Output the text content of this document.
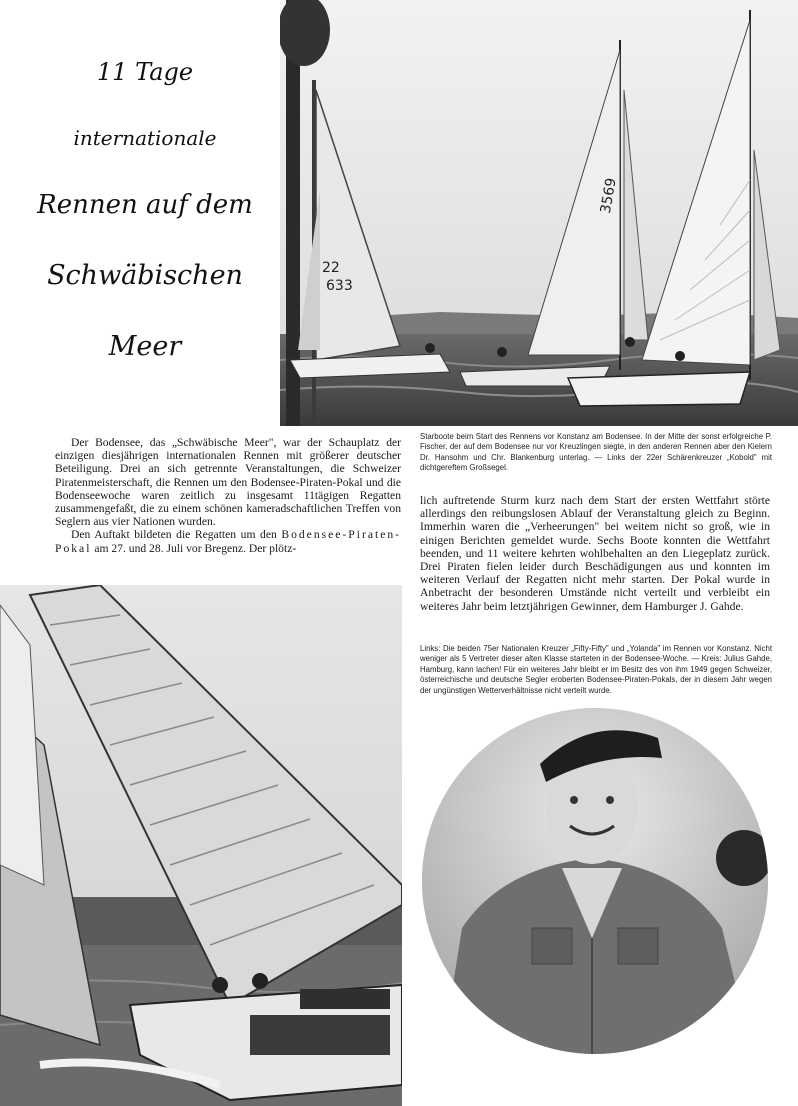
11 Tage
internationale
Rennen auf dem
Schwäbischen
Meer
22
633
3569

Der Bodensee, das „Schwäbische Meer", war der Schauplatz der einzigen diesjährigen internationalen Rennen mit größerer deutscher Beteiligung. Drei an sich getrennte Veranstaltungen, die Schweizer Piratenmeisterschaft, die Rennen um den Bodensee-Piraten-Pokal und die Bodenseewoche waren zeitlich zu insgesamt 11tägigen Regatten zusammengefaßt, die zu einem schönen kameradschaftlichen Treffen von Seglern aus vier Nationen wurden.

Den Auftakt bildeten die Regatten um den Bodensee-Piraten-Pokal am 27. und 28. Juli vor Bregenz. Der plötz-

Starboote beim Start des Rennens vor Konstanz am Bodensee. In der Mitte der sonst erfolgreiche P. Fischer, der auf dem Bodensee nur vor Kreuzlingen siegte, in den anderen Rennen aber den Kielern Dr. Hansohm und Chr. Blankenburg unterlag. — Links der 22er Schärenkreuzer „Kobold" mit dichtgereftem Großsegel.

lich auftretende Sturm kurz nach dem Start der ersten Wettfahrt störte allerdings den reibungslosen Ablauf der Veranstaltung gleich zu Beginn. Immerhin waren die „Verheerungen" bei weitem nicht so groß, wie in einigen Berichten gemeldet wurde. Sechs Boote konnten die Wettfahrt beenden, und 11 weitere kehrten wohlbehalten an den Liegeplatz zurück. Drei Piraten fielen leider durch Beschädigungen aus und konnten im weiteren Verlauf der Regatten nicht mehr starten. Der Pokal wurde in Anbetracht der besonderen Umstände nicht verteilt und verbleibt ein weiteres Jahr beim letztjährigen Gewinner, dem Hamburger J. Gahde.

Links: Die beiden 75er Nationalen Kreuzer „Fifty-Fifty" und „Yolanda" im Rennen vor Konstanz. Nicht weniger als 5 Vertreter dieser alten Klasse starteten in der Bodensee-Woche. — Kreis: Julius Gahde, Hamburg, kann lachen! Für ein weiteres Jahr bleibt er im Besitz des von ihm 1949 gegen Schweizer, österreichische und deutsche Segler eroberten Bodensee-Piraten-Pokals, der in diesem Jahr wegen der ungünstigen Wetterverhältnisse nicht verteilt wurde.
